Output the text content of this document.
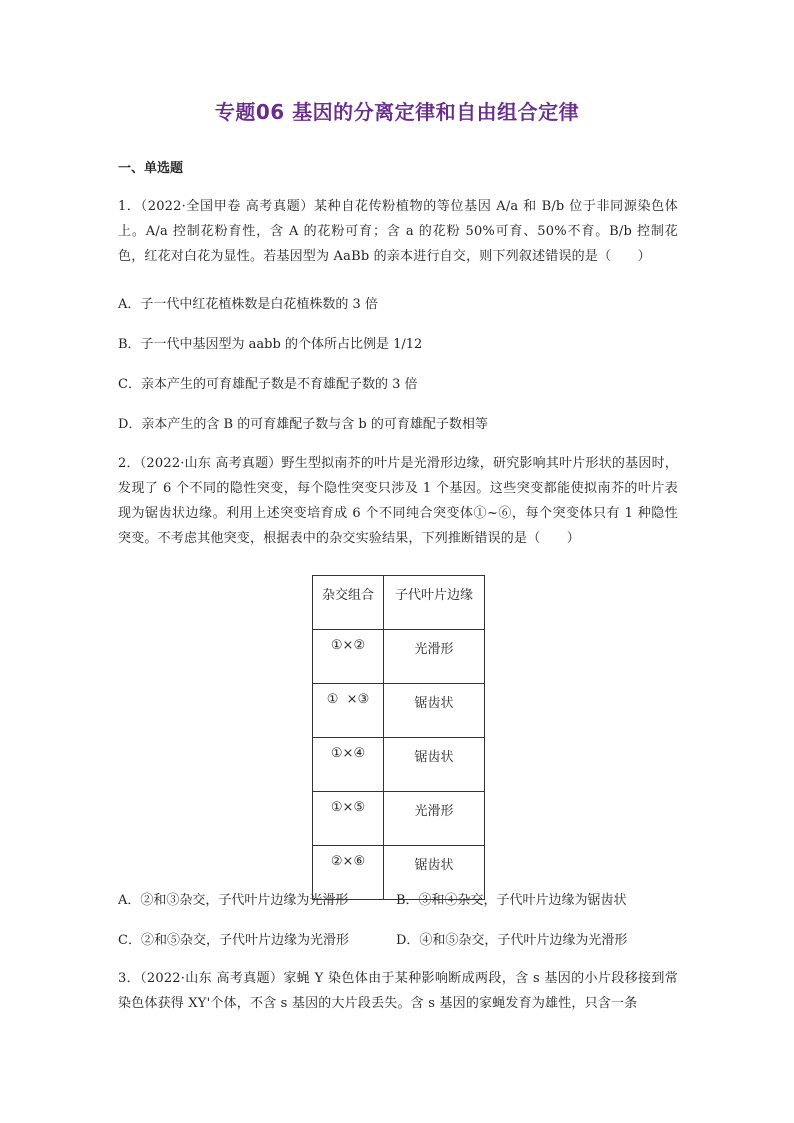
专题06 基因的分离定律和自由组合定律
一、单选题
1．（2022·全国甲卷 高考真题）某种自花传粉植物的等位基因 A/a 和 B/b 位于非同源染色体上。A/a 控制花粉育性，含 A 的花粉可育；含 a 的花粉 50%可育、50%不育。B/b 控制花色，红花对白花为显性。若基因型为 AaBb 的亲本进行自交，则下列叙述错误的是（　　）
A．子一代中红花植株数是白花植株数的 3 倍
B．子一代中基因型为 aabb 的个体所占比例是 1/12
C．亲本产生的可育雄配子数是不育雄配子数的 3 倍
D．亲本产生的含 B 的可育雄配子数与含 b 的可育雄配子数相等
2．（2022·山东 高考真题）野生型拟南芥的叶片是光滑形边缘，研究影响其叶片形状的基因时，发现了 6 个不同的隐性突变，每个隐性突变只涉及 1 个基因。这些突变都能使拟南芥的叶片表现为锯齿状边缘。利用上述突变培育成 6 个不同纯合突变体①~⑥，每个突变体只有 1 种隐性突变。不考虑其他突变，根据表中的杂交实验结果，下列推断错误的是（　　）
杂交组合	子代叶片边缘
①×②	光滑形
①  ×③	锯齿状
①×④	锯齿状
①×⑤	光滑形
②×⑥	锯齿状
A．②和③杂交，子代叶片边缘为光滑形	B．③和④杂交，子代叶片边缘为锯齿状
C．②和⑤杂交，子代叶片边缘为光滑形	D．④和⑤杂交，子代叶片边缘为光滑形
3．（2022·山东 高考真题）家蝇 Y 染色体由于某种影响断成两段，含 s 基因的小片段移接到常染色体获得 XY'个体，不含 s 基因的大片段丢失。含 s 基因的家蝇发育为雄性，只含一条
